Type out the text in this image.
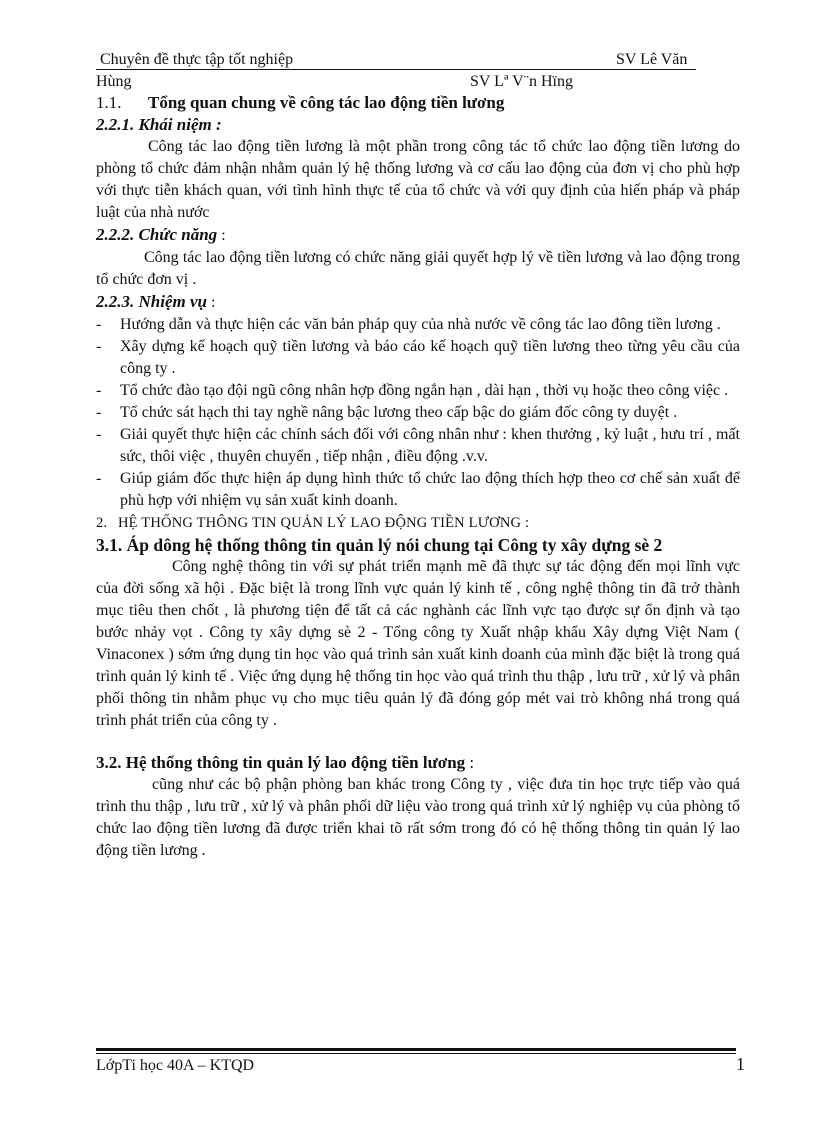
Chuyên đề thực tập tốt nghiệp	SV Lê Văn
Hùng	SV Lª V¨n Hïng

1.1. Tổng quan chung về công tác lao động tiền lương

2.2.1. Khái niệm :

Công tác lao động tiền lương là một phần trong công tác tổ chức lao động tiền lương do phòng tổ chức đảm nhận nhằm quản lý hệ thống lương và cơ cấu lao động của đơn vị cho phù hợp với thực tiễn khách quan, với tình hình thực tế của tổ chức và với quy định của hiến pháp và pháp luật của nhà nước

2.2.2. Chức năng :

Công tác lao động tiền lương có chức năng giải quyết hợp lý về tiền lương và lao động trong tổ chức đơn vị .

2.2.3. Nhiệm vụ :

- Hướng dẫn và thực hiện các văn bản pháp quy của nhà nước về công tác lao đông tiền lương .
- Xây dựng kế hoạch quỹ tiền lương và báo cáo kế hoạch quỹ tiền lương theo từng yêu cầu của công ty .
- Tổ chức đào tạo đội ngũ công nhân hợp đồng ngắn hạn , dài hạn , thời vụ hoặc theo công việc .
- Tổ chức sát hạch thi tay nghề nâng bậc lương theo cấp bậc do giám đốc công ty duyệt .
- Giải quyết thực hiện các chính sách đối với công nhân như : khen thưởng , kỷ luật , hưu trí , mất sức, thôi việc , thuyên chuyển , tiếp nhận , điều động .v.v.
- Giúp giám đốc thực hiện áp dụng hình thức tổ chức lao động thích hợp theo cơ chế sản xuất để phù hợp với nhiệm vụ sản xuất kinh doanh.

2. HỆ THỐNG THÔNG TIN QUẢN LÝ LAO ĐỘNG TIỀN LƯƠNG :

3.1. Áp dông hệ thống thông tin quản lý nói chung tại Công ty xây dựng sè 2

Công nghệ thông tin với sự phát triển mạnh mẽ đã thực sự tác động đến mọi lĩnh vực của đời sống xã hội . Đặc biệt là trong lĩnh vực quản lý kinh tế , công nghệ thông tin đã trở thành mục tiêu then chốt , là phương tiện để tất cả các nghành các lĩnh vực tạo được sự ổn định và tạo bước nhảy vọt . Công ty xây dựng sè 2 - Tổng công ty Xuất nhập khẩu Xây dựng Việt Nam ( Vinaconex ) sớm ứng dụng tin học vào quá trình sản xuất kinh doanh của mình đặc biệt là trong quá trình quản lý kinh tế . Việc ứng dụng hệ thống tin học vào quá trình thu thập , lưu trữ , xử lý và phân phối thông tin nhằm phục vụ cho mục tiêu quản lý đã đóng góp mét vai trò không nhá trong quá trình phát triển của công ty .

3.2. Hệ thống thông tin quản lý lao động tiền lương :

cũng như các bộ phận phòng ban khác trong Công ty , việc đưa tin học trực tiếp vào quá trình thu thập , lưu trữ , xử lý và phân phối dữ liệu vào trong quá trình xử lý nghiệp vụ của phòng tổ chức lao động tiền lương đã được triển khai tõ rất sớm trong đó có hệ thống thông tin quản lý lao động tiền lương .

LớpTi học 40A – KTQD	1
